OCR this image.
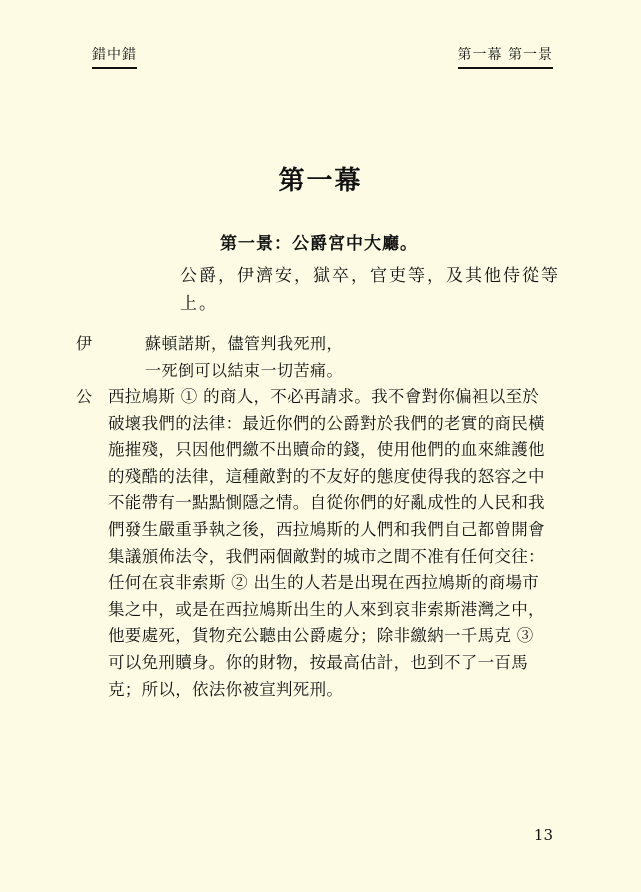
錯中錯	第一幕 第一景
第一幕
第一景：公爵宮中大廳。
公爵，伊濟安，獄卒，官吏等，及其他侍從等
上。
伊	蘇頓諾斯，儘管判我死刑，
一死倒可以結束一切苦痛。
公 西拉鳩斯 ① 的商人，不必再請求。我不會對你偏袒以至於
破壞我們的法律：最近你們的公爵對於我們的老實的商民橫
施摧殘，只因他們繳不出贖命的錢，使用他們的血來維護他
的殘酷的法律，這種敵對的不友好的態度使得我的怒容之中
不能帶有一點點惻隱之情。自從你們的好亂成性的人民和我
們發生嚴重爭執之後，西拉鳩斯的人們和我們自己都曾開會
集議頒佈法令，我們兩個敵對的城市之間不准有任何交往：
任何在哀非索斯 ② 出生的人若是出現在西拉鳩斯的商場市
集之中，或是在西拉鳩斯出生的人來到哀非索斯港灣之中，
他要處死，貨物充公聽由公爵處分；除非繳納一千馬克 ③
可以免刑贖身。你的財物，按最高估計，也到不了一百馬
克；所以，依法你被宣判死刑。
13
